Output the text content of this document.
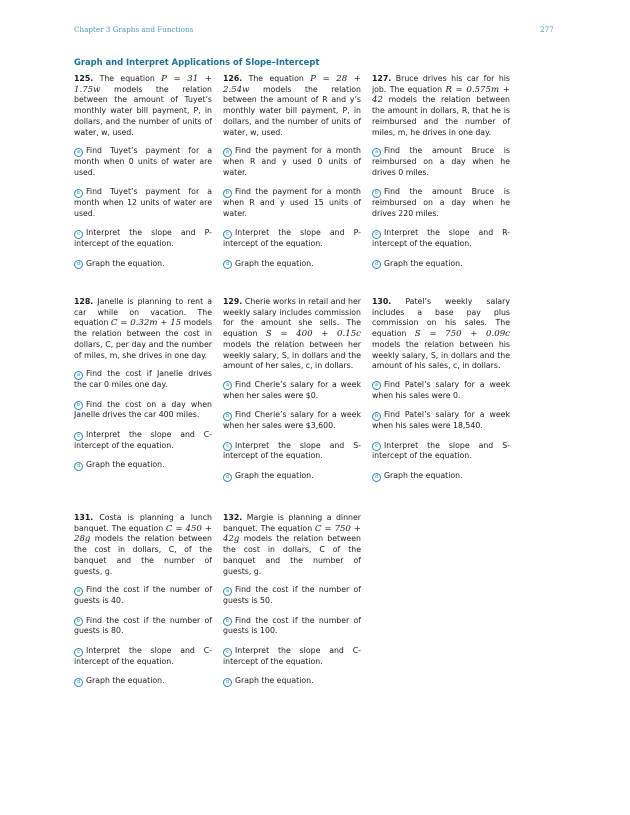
Chapter 3 Graphs and Functions	277
Graph and Interpret Applications of Slope–Intercept

125. The equation P = 31 + 1.75w models the relation between the amount of Tuyet’s monthly water bill payment, P, in dollars, and the number of units of water, w, used.

a Find Tuyet’s payment for a month when 0 units of water are used.

b Find Tuyet’s payment for a month when 12 units of water are used.

c Interpret the slope and P-intercept of the equation.

d Graph the equation.

126. The equation P = 28 + 2.54w models the relation between the amount of R and y’s monthly water bill payment, P, in dollars, and the number of units of water, w, used.

a Find the payment for a month when R and y used 0 units of water.

b Find the payment for a month when R and y used 15 units of water.

c Interpret the slope and P-intercept of the equation.

d Graph the equation.

127. Bruce drives his car for his job. The equation R = 0.575m + 42 models the relation between the amount in dollars, R, that he is reimbursed and the number of miles, m, he drives in one day.

a Find the amount Bruce is reimbursed on a day when he drives 0 miles.

b Find the amount Bruce is reimbursed on a day when he drives 220 miles.

c Interpret the slope and R-intercept of the equation.

d Graph the equation.

128. Janelle is planning to rent a car while on vacation. The equation C = 0.32m + 15 models the relation between the cost in dollars, C, per day and the number of miles, m, she drives in one day.

a Find the cost if Janelle drives the car 0 miles one day.

b Find the cost on a day when Janelle drives the car 400 miles.

c Interpret the slope and C-intercept of the equation.

d Graph the equation.

129. Cherie works in retail and her weekly salary includes commission for the amount she sells. The equation S = 400 + 0.15c models the relation between her weekly salary, S, in dollars and the amount of her sales, c, in dollars.

a Find Cherie’s salary for a week when her sales were $0.

b Find Cherie’s salary for a week when her sales were $3,600.

c Interpret the slope and S-intercept of the equation.

d Graph the equation.

130. Patel’s weekly salary includes a base pay plus commission on his sales. The equation S = 750 + 0.09c models the relation between his weekly salary, S, in dollars and the amount of his sales, c, in dollars.

a Find Patel’s salary for a week when his sales were 0.

b Find Patel’s salary for a week when his sales were 18,540.

c Interpret the slope and S-intercept of the equation.

d Graph the equation.

131. Costa is planning a lunch banquet. The equation C = 450 + 28g models the relation between the cost in dollars, C, of the banquet and the number of guests, g.

a Find the cost if the number of guests is 40.

b Find the cost if the number of guests is 80.

c Interpret the slope and C-intercept of the equation.

d Graph the equation.

132. Margie is planning a dinner banquet. The equation C = 750 + 42g models the relation between the cost in dollars, C of the banquet and the number of guests, g.

a Find the cost if the number of guests is 50.

b Find the cost if the number of guests is 100.

c Interpret the slope and C-intercept of the equation.

d Graph the equation.
